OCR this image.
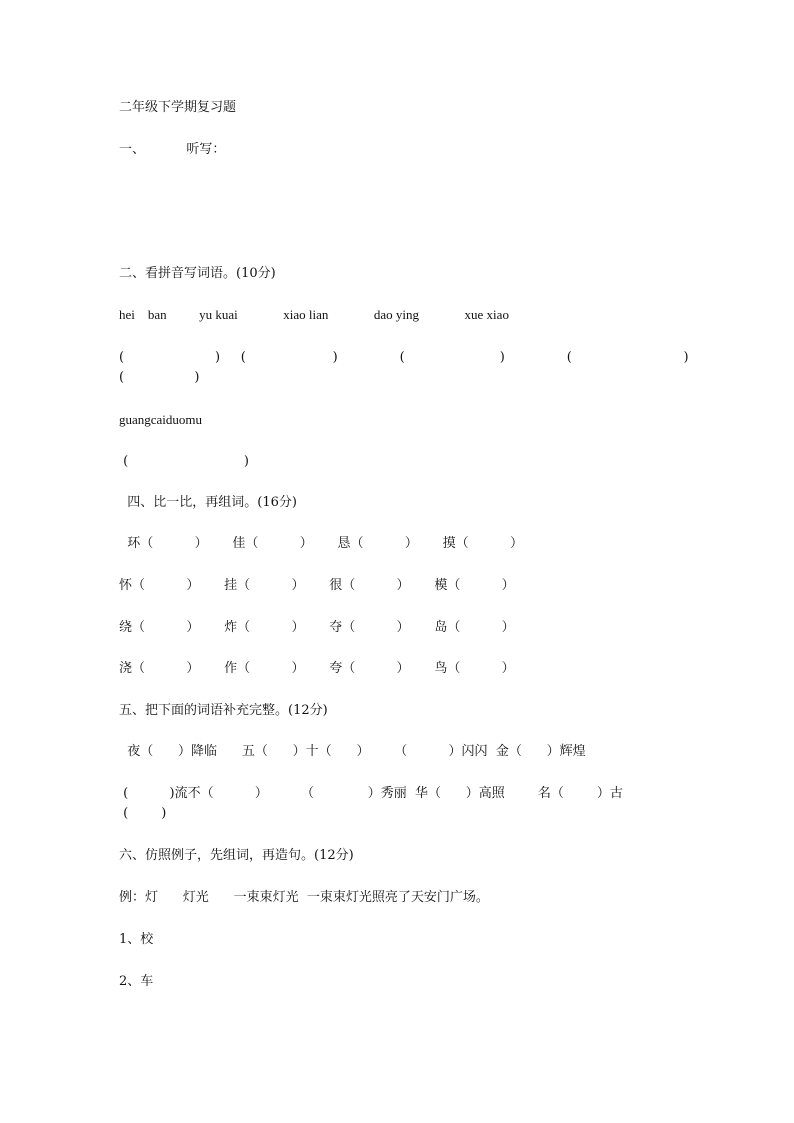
二年级下学期复习题
一、          听写：
二、看拼音写词语。(10分)
hei    ban          yu kuai              xiao lian              dao ying              xue xiao
(                      )     (                     )               (                       )               (                           )
(                 )
guangcaiduomu
(                            )
四、比一比，再组词。(16分)
环（          ）      佳（          ）      恳（          ）      摸（          ）
怀（          ）      挂（          ）      很（          ）      模（          ）
绕（          ）      炸（          ）      夺（          ）      岛（          ）
浇（          ）      作（          ）      夸（          ）      鸟（          ）
五、把下面的词语补充完整。(12分)
夜（      ）降临      五（      ）十（      ）      （          ）闪闪  金（      ）辉煌
(          )流不（          ）        （             ）秀丽  华（      ）高照        名（        ）古
(        )
六、仿照例子，先组词，再造句。(12分)
例：灯      灯光      一束束灯光  一束束灯光照亮了天安门广场。
1、校
2、车
